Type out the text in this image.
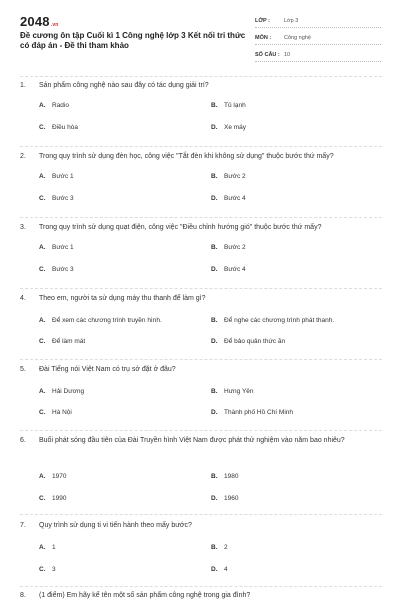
2048.vn
Đề cương ôn tập Cuối kì 1 Công nghệ lớp 3 Kết nối tri thức có đáp án - Đề thi tham khảo
LỚP :	Lớp 3
MÔN :	Công nghệ
SỐ CÂU : 10
1.	Sản phẩm công nghệ nào sau đây có tác dụng giải trí?
A.	Radio	B.	Tủ lạnh
C.	Điều hòa	D.	Xe máy
2.	Trong quy trình sử dụng đèn học, công việc "Tắt đèn khi không sử dụng" thuộc bước thứ mấy?
A.	Bước 1	B.	Bước 2
C.	Bước 3	D.	Bước 4
3.	Trong quy trình sử dụng quạt điện, công việc "Điều chỉnh hướng gió" thuộc bước thứ mấy?
A.	Bước 1	B.	Bước 2
C.	Bước 3	D.	Bước 4
4.	Theo em, người ta sử dụng máy thu thanh để làm gì?
A.	Để xem các chương trình truyền hình.	B.	Để nghe các chương trình phát thanh.
C.	Để làm mát	D.	Để bảo quản thức ăn
5.	Đài Tiếng nói Việt Nam có trụ sở đặt ở đâu?
A.	Hải Dương	B.	Hưng Yên
C.	Hà Nội	D.	Thành phố Hồ Chí Minh
6.	Buổi phát sóng đầu tiên của Đài Truyền hình Việt Nam được phát thử nghiệm vào năm bao nhiêu?
A.	1970	B.	1980
C.	1990	D.	1960
7.	Quy trình sử dụng ti vi tiến hành theo mấy bước?
A.	1	B.	2
C.	3	D.	4
8.	(1 điểm) Em hãy kể tên một số sản phẩm công nghệ trong gia đình?
